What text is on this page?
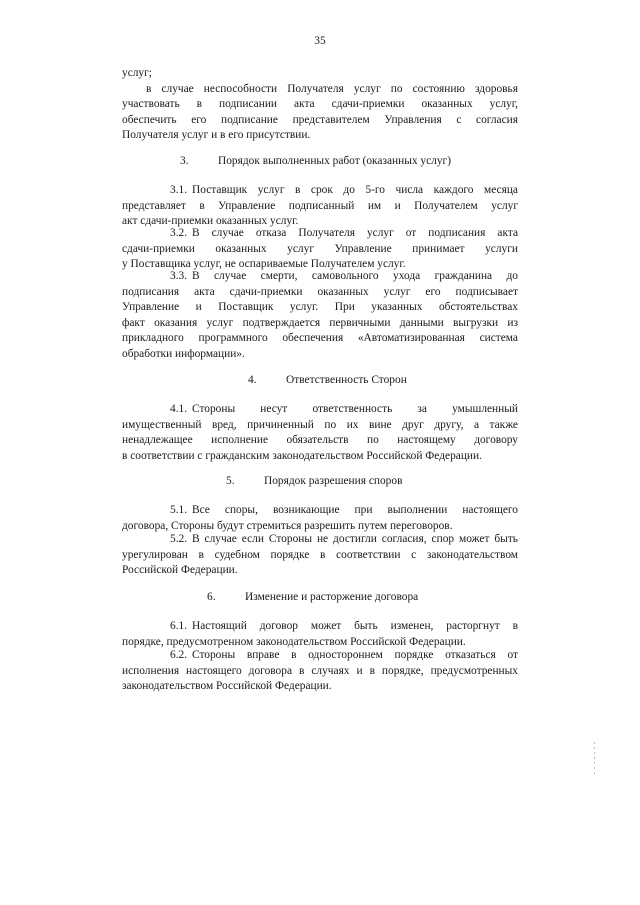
35

услуг;

в случае неспособности Получателя услуг по состоянию здоровья

участвовать в подписании акта сдачи-приемки оказанных услуг,

обеспечить его подписание представителем Управления с согласия

Получателя услуг и в его присутствии.

3.	Порядок выполненных работ (оказанных услуг)

3.1. Поставщик услуг в срок до 5-го числа каждого месяца

представляет в Управление подписанный им и Получателем услуг

акт сдачи-приемки оказанных услуг.

3.2. В случае отказа Получателя услуг от подписания акта

сдачи-приемки оказанных услуг Управление принимает услуги

у Поставщика услуг, не оспариваемые Получателем услуг.

3.3. В случае смерти, самовольного ухода гражданина до

подписания акта сдачи-приемки оказанных услуг его подписывает

Управление и Поставщик услуг. При указанных обстоятельствах

факт оказания услуг подтверждается первичными данными выгрузки из

прикладного программного обеспечения «Автоматизированная система

обработки информации».

4.	Ответственность Сторон

4.1. Стороны несут ответственность за умышленный

имущественный вред, причиненный по их вине друг другу, а также

ненадлежащее исполнение обязательств по настоящему договору

в соответствии с гражданским законодательством Российской Федерации.

5.	Порядок разрешения споров

5.1. Все споры, возникающие при выполнении настоящего

договора, Стороны будут стремиться разрешить путем переговоров.

5.2. В случае если Стороны не достигли согласия, спор может быть

урегулирован в судебном порядке в соответствии с законодательством

Российской Федерации.

6.	Изменение и расторжение договора

6.1. Настоящий договор может быть изменен, расторгнут в

порядке, предусмотренном законодательством Российской Федерации.

6.2. Стороны вправе в одностороннем порядке отказаться от

исполнения настоящего договора в случаях и в порядке, предусмотренных

законодательством Российской Федерации.
